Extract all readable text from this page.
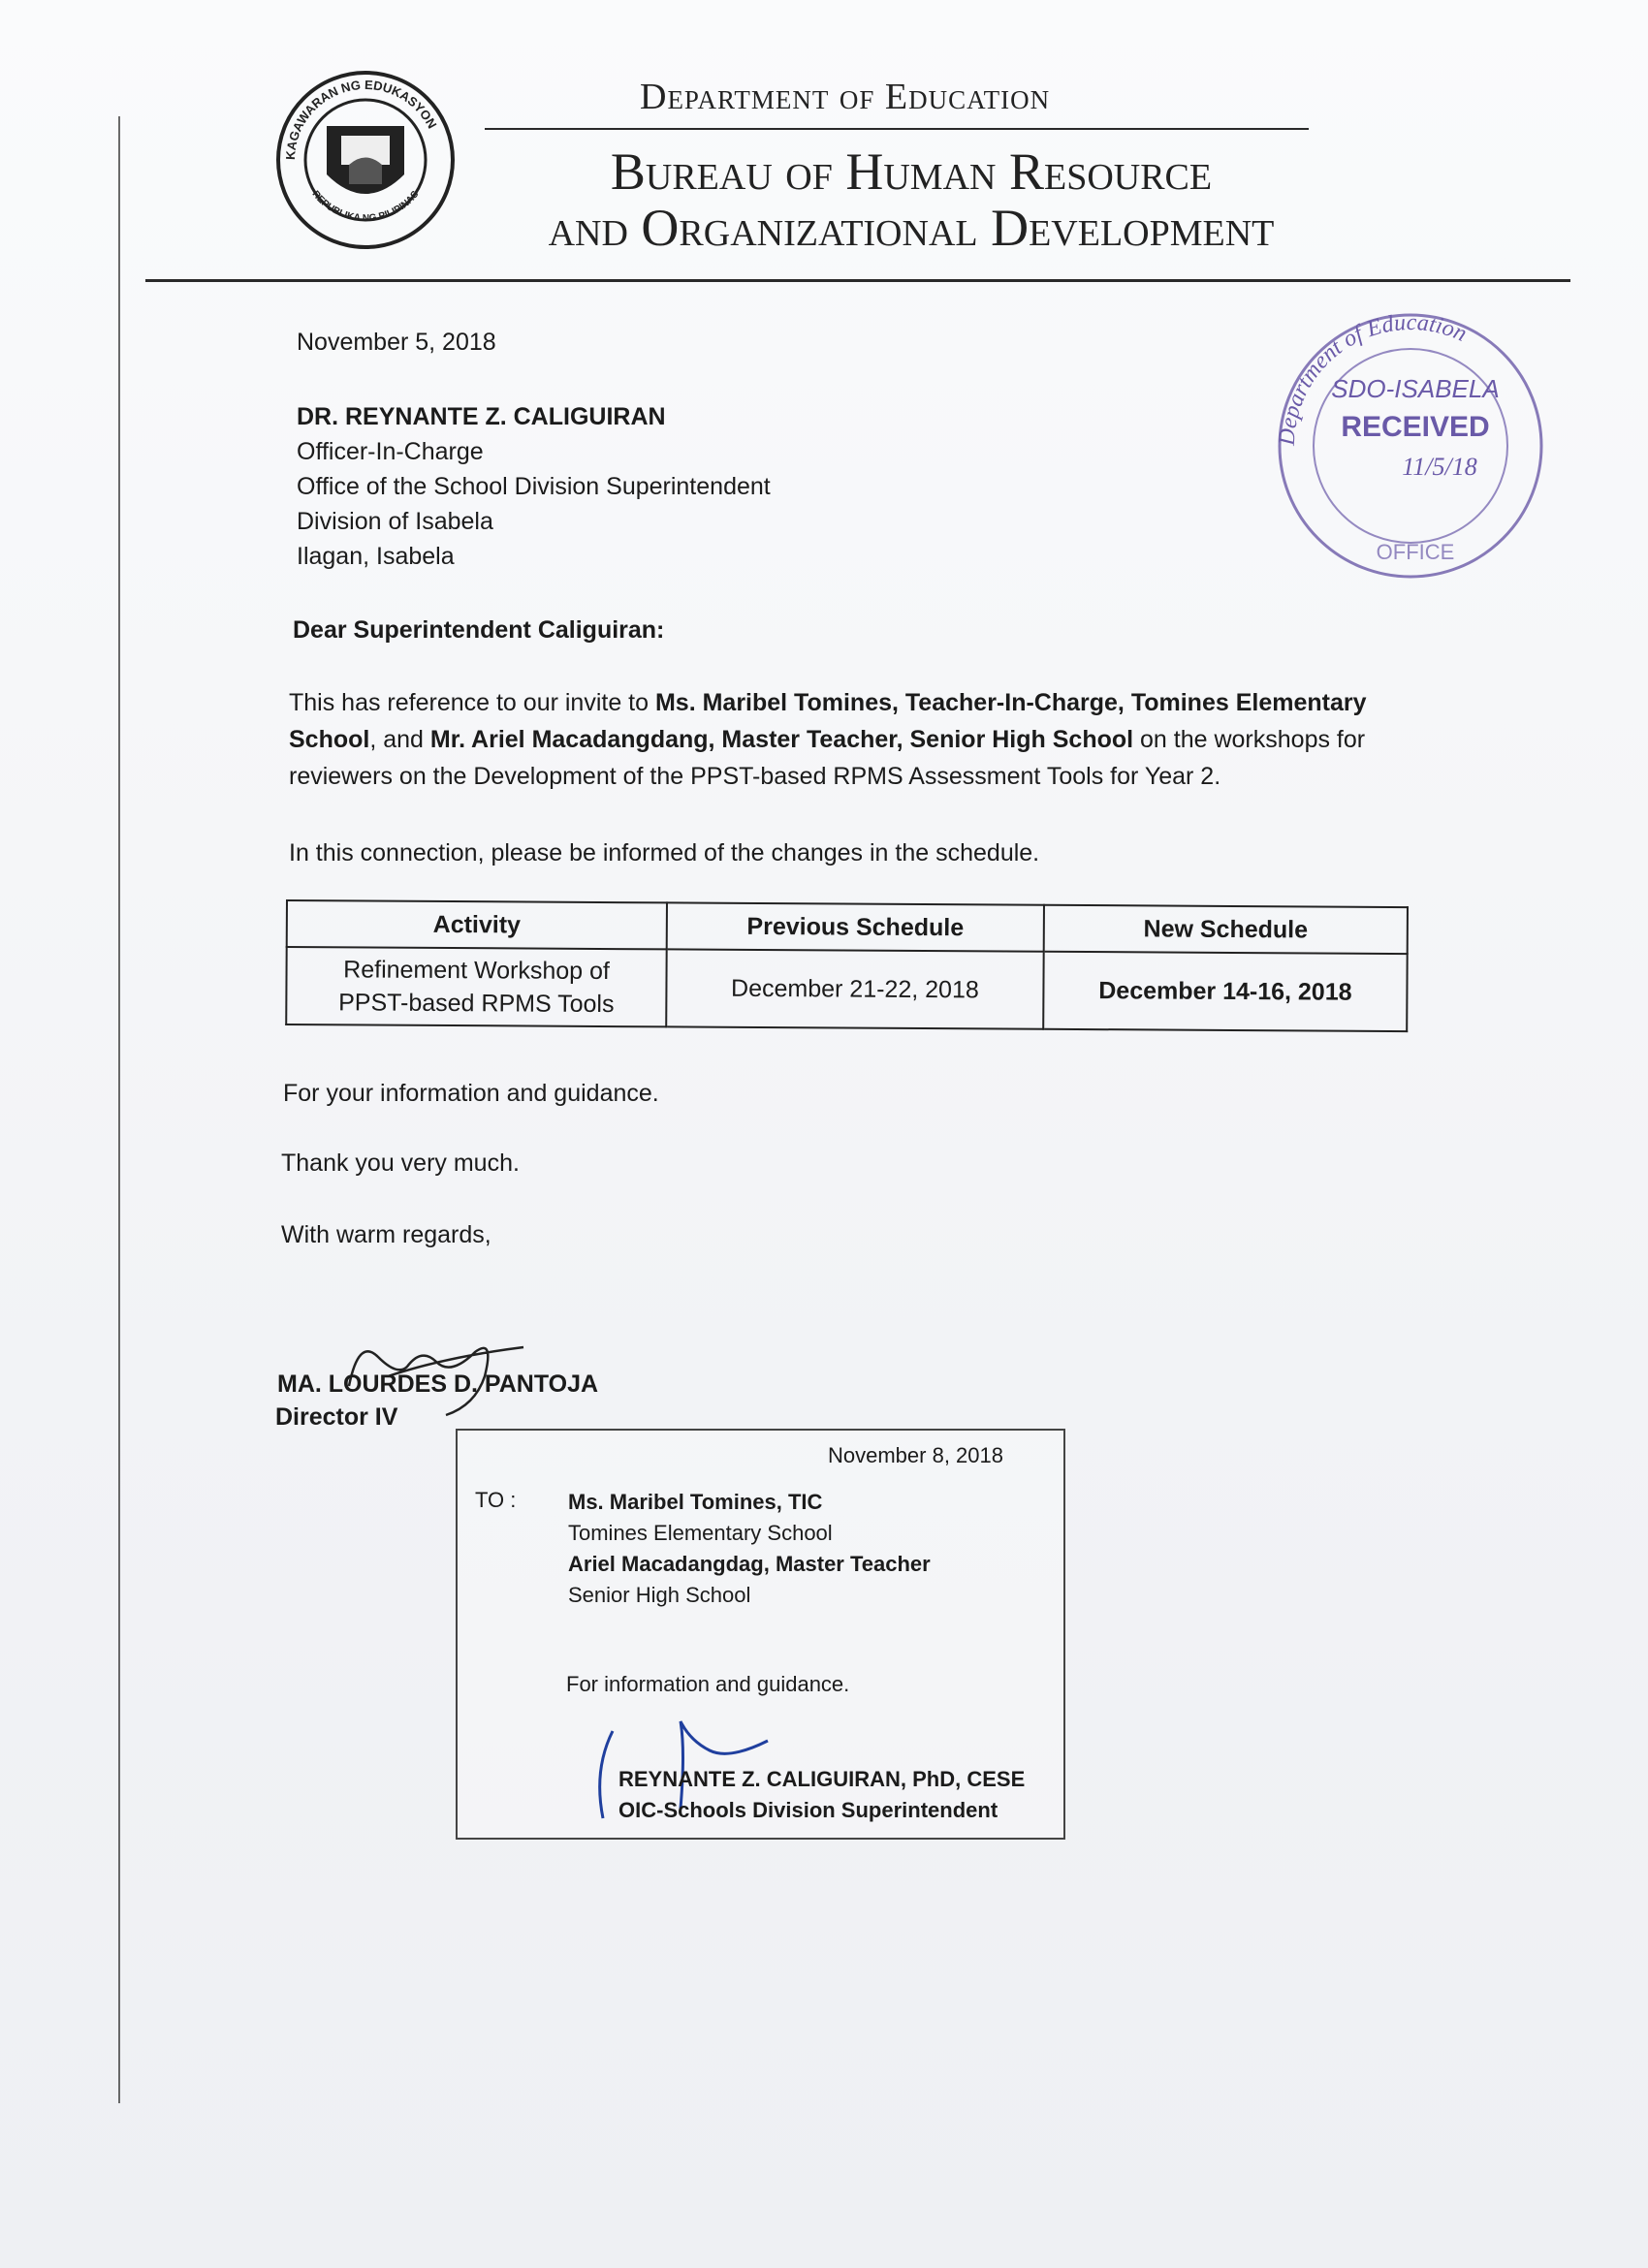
KAGAWARAN NG EDUKASYON
REPUBLIKA NG PILIPINAS
Department of Education
Bureau of Human Resource
and Organizational Development
Department of Education
SDO-ISABELA
RECEIVED
11/5/18
OFFICE
November 5, 2018
DR. REYNANTE Z. CALIGUIRAN
Officer-In-Charge
Office of the School Division Superintendent
Division of Isabela
Ilagan, Isabela
Dear Superintendent Caliguiran:
This has reference to our invite to Ms. Maribel Tomines, Teacher-In-Charge, Tomines Elementary School, and Mr. Ariel Macadangdang, Master Teacher, Senior High School on the workshops for reviewers on the Development of the PPST-based RPMS Assessment Tools for Year 2.
In this connection, please be informed of the changes in the schedule.
Activity	Previous Schedule	New Schedule

Refinement Workshop of
PPST-based RPMS Tools	December 21-22, 2018	December 14-16, 2018
For your information and guidance.
Thank you very much.
With warm regards,
MA. LOURDES D. PANTOJA
Director IV
November 8, 2018
TO : Ms. Maribel Tomines, TIC
Tomines Elementary School
Ariel Macadangdag, Master Teacher
Senior High School
For information and guidance.
REYNANTE Z. CALIGUIRAN, PhD, CESE
OIC-Schools Division Superintendent
